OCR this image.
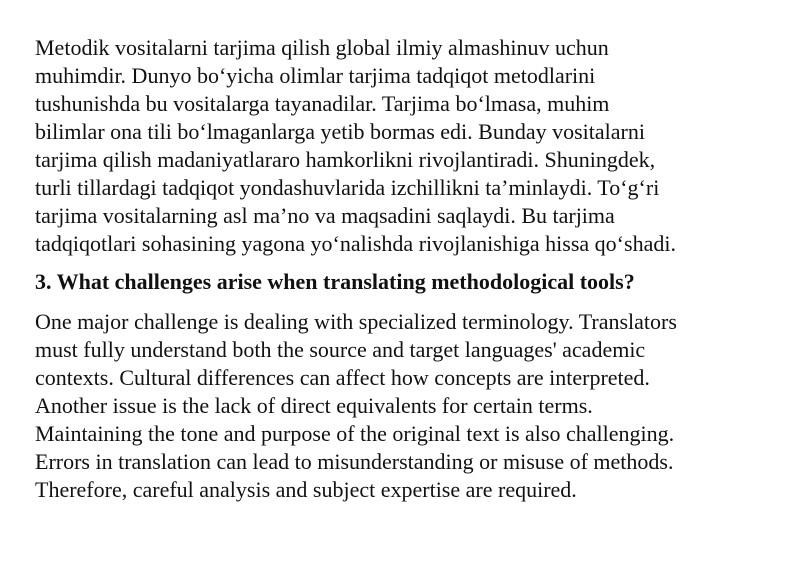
Metodik vositalarni tarjima qilish global ilmiy almashinuv uchun
muhimdir. Dunyo bo‘yicha olimlar tarjima tadqiqot metodlarini
tushunishda bu vositalarga tayanadilar. Tarjima bo‘lmasa, muhim
bilimlar ona tili bo‘lmaganlarga yetib bormas edi. Bunday vositalarni
tarjima qilish madaniyatlararo hamkorlikni rivojlantiradi. Shuningdek,
turli tillardagi tadqiqot yondashuvlarida izchillikni ta’minlaydi. To‘g‘ri
tarjima vositalarning asl ma’no va maqsadini saqlaydi. Bu tarjima
tadqiqotlari sohasining yagona yo‘nalishda rivojlanishiga hissa qo‘shadi.

3. What challenges arise when translating methodological tools?

One major challenge is dealing with specialized terminology. Translators
must fully understand both the source and target languages' academic
contexts. Cultural differences can affect how concepts are interpreted.
Another issue is the lack of direct equivalents for certain terms.
Maintaining the tone and purpose of the original text is also challenging.
Errors in translation can lead to misunderstanding or misuse of methods.
Therefore, careful analysis and subject expertise are required.
